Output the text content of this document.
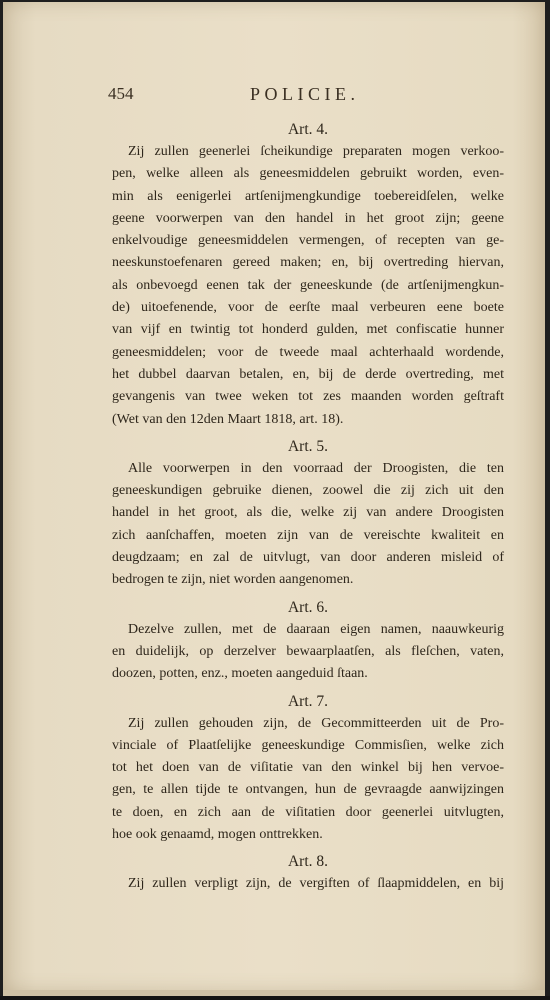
454	POLICIE.
Art. 4.
Zij zullen geenerlei ſcheikundige preparaten mogen verkoo-
pen, welke alleen als geneesmiddelen gebruikt worden, even-
min als eenigerlei artſenijmengkundige toebereidſelen, welke
geene voorwerpen van den handel in het groot zijn; geene
enkelvoudige geneesmiddelen vermengen, of recepten van ge-
neeskunstoefenaren gereed maken; en, bij overtreding hiervan,
als onbevoegd eenen tak der geneeskunde (de artſenijmengkun-
de) uitoefenende, voor de eerſte maal verbeuren eene boete
van vijf en twintig tot honderd gulden, met confiscatie hunner
geneesmiddelen; voor de tweede maal achterhaald wordende,
het dubbel daarvan betalen, en, bij de derde overtreding, met
gevangenis van twee weken tot zes maanden worden geſtraft
(Wet van den 12den Maart 1818, art. 18).
Art. 5.
Alle voorwerpen in den voorraad der Droogisten, die ten
geneeskundigen gebruike dienen, zoowel die zij zich uit den
handel in het groot, als die, welke zij van andere Droogisten
zich aanſchaffen, moeten zijn van de vereischte kwaliteit en
deugdzaam; en zal de uitvlugt, van door anderen misleid of
bedrogen te zijn, niet worden aangenomen.
Art. 6.
Dezelve zullen, met de daaraan eigen namen, naauwkeurig
en duidelijk, op derzelver bewaarplaatſen, als fleſchen, vaten,
doozen, potten, enz., moeten aangeduid ſtaan.
Art. 7.
Zij zullen gehouden zijn, de Gecommitteerden uit de Pro-
vinciale of Plaatſelijke geneeskundige Commisſien, welke zich
tot het doen van de viſitatie van den winkel bij hen vervoe-
gen, te allen tijde te ontvangen, hun de gevraagde aanwijzingen
te doen, en zich aan de viſitatien door geenerlei uitvlugten,
hoe ook genaamd, mogen onttrekken.
Art. 8.
Zij zullen verpligt zijn, de vergiften of ſlaapmiddelen, en bij
